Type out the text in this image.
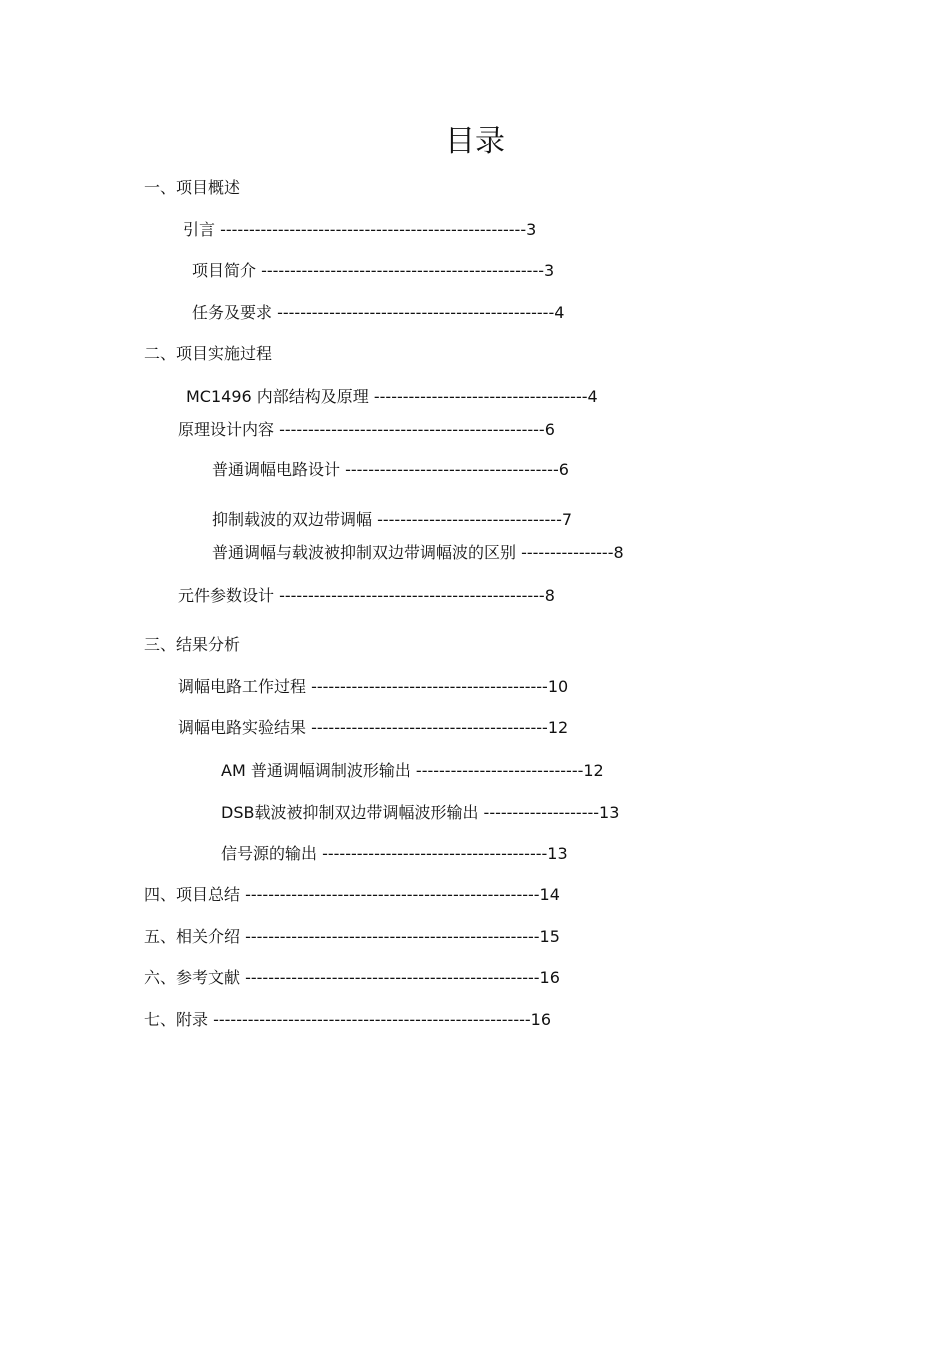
目录
一、项目概述
引言 -----------------------------------------------------3
项目简介 -------------------------------------------------3
任务及要求 ------------------------------------------------4
二、项目实施过程
MC1496 内部结构及原理 -------------------------------------4
原理设计内容 ----------------------------------------------6
普通调幅电路设计 -------------------------------------6
抑制载波的双边带调幅 --------------------------------7
普通调幅与载波被抑制双边带调幅波的区别 ----------------8
元件参数设计 ----------------------------------------------8
三、结果分析
调幅电路工作过程 -----------------------------------------10
调幅电路实验结果 -----------------------------------------12
AM 普通调幅调制波形输出 -----------------------------12
DSB载波被抑制双边带调幅波形输出 --------------------13
信号源的输出 ---------------------------------------13
四、项目总结 ---------------------------------------------------14
五、相关介绍 ---------------------------------------------------15
六、参考文献 ---------------------------------------------------16
七、附录 -------------------------------------------------------16
